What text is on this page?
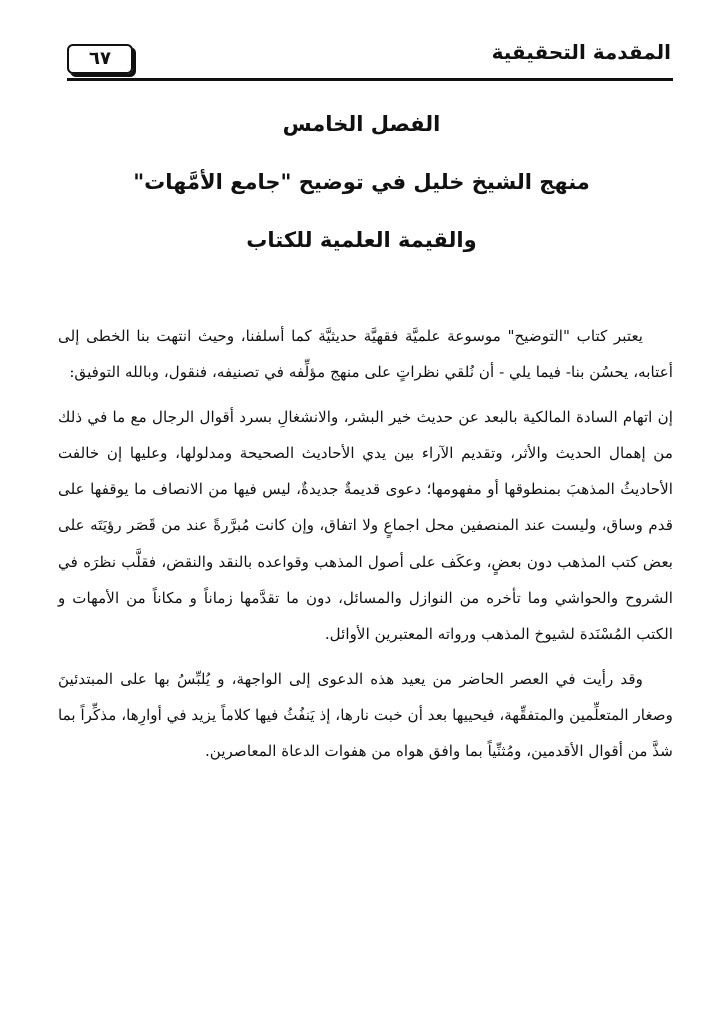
المقدمة التحقيقية
٦٧
الفصل الخامس
منهج الشيخ خليل في توضيح "جامع الأمَّهات"
والقيمة العلمية للكتاب

يعتبر كتاب "التوضيح" موسوعة علميَّة فقهيَّة حديثيَّة كما أسلفنا، وحيث انتهت بنا الخطى إلى أعتابه، يحسُن بنا- فيما يلي - أن نُلقي نظراتٍ على منهج مؤلِّفه في تصنيفه، فنقول، وبالله التوفيق:

إن اتهام السادة المالكية بالبعد عن حديث خير البشر، والانشغالِ بسرد أقوال الرجال مع ما في ذلك من إهمال الحديث والأثر، وتقديم الآراء بين يدي الأحاديث الصحيحة ومدلولها، وعليها إن خالفت الأحاديثُ المذهبَ بمنطوقها أو مفهومها؛ دعوى قديمةٌ جديدةٌ، ليس فيها من الانصاف ما يوقفها على قدم وساق، وليست عند المنصفين محل اجماعٍ ولا اتفاق، وإن كانت مُبرَّرةً عند من قَصَر رؤيَتَه على بعض كتب المذهب دون بعضٍ، وعكَف على أصول المذهب وقواعده بالنقد والنقض، فقلَّب نظرَه في الشروح والحواشي وما تأخره من النوازل والمسائل، دون ما تقدَّمها زماناً و مكاناً من الأمهات و الكتب المُسْنَدة لشيوخ المذهب ورواته المعتبرين الأوائل.

وقد رأيت في العصر الحاضر من يعيد هذه الدعوى إلى الواجهة، و يُلبِّسُ بها على المبتدئينَ وصغار المتعلِّمين والمتفقِّهة، فيحييها بعد أن خبت نارها، إذ يَنفُثُ فيها كلاماً يزيد في أوارِها، مذكِّراً بما شذَّ من أقوال الأقدمين، ومُثنِّياً بما وافق هواه من هفوات الدعاة المعاصرين.
